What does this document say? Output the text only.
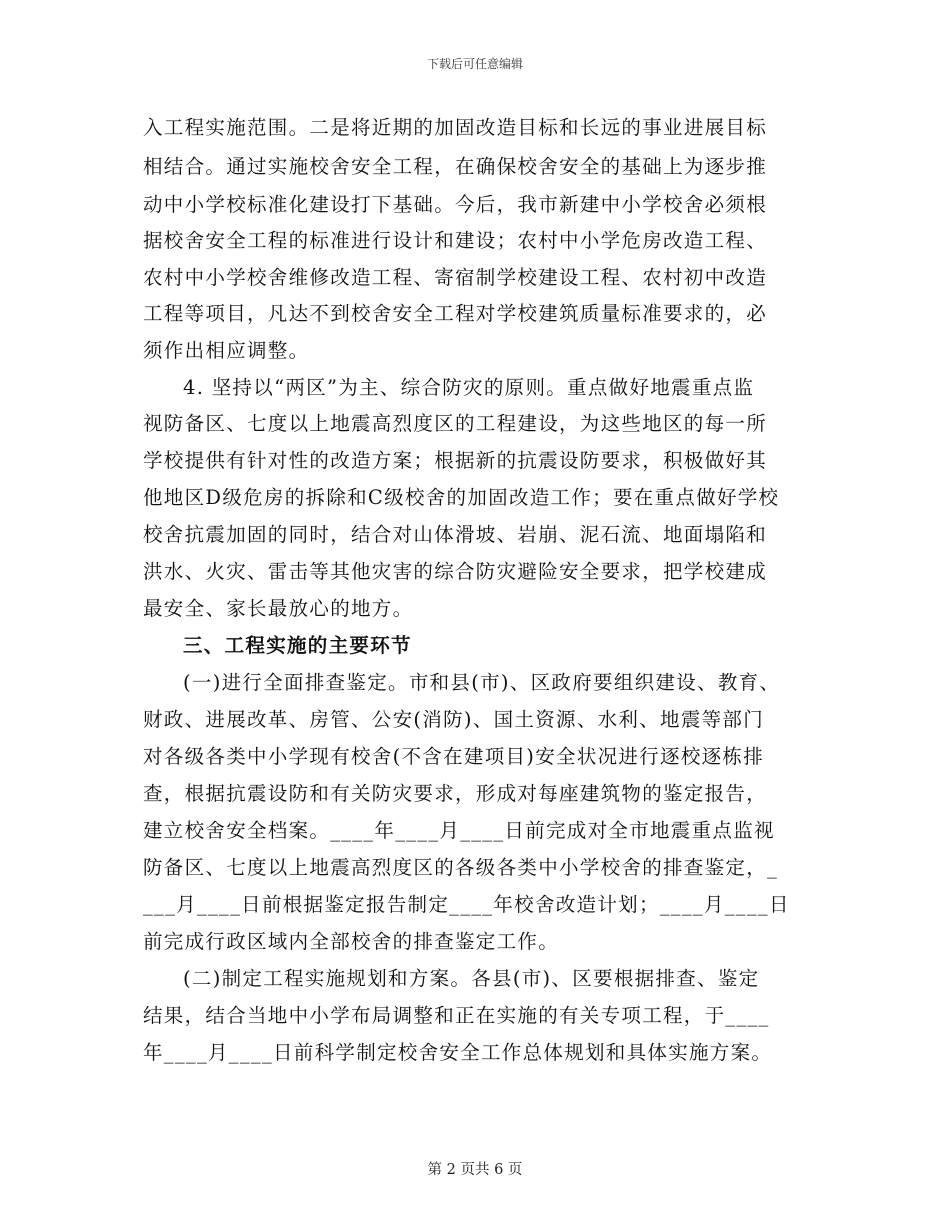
下载后可任意编辑
入工程实施范围。二是将近期的加固改造目标和长远的事业进展目标
相结合。通过实施校舍安全工程，在确保校舍安全的基础上为逐步推
动中小学校标准化建设打下基础。今后，我市新建中小学校舍必须根
据校舍安全工程的标准进行设计和建设；农村中小学危房改造工程、
农村中小学校舍维修改造工程、寄宿制学校建设工程、农村初中改造
工程等项目，凡达不到校舍安全工程对学校建筑质量标准要求的，必
须作出相应调整。
4. 坚持以“两区”为主、综合防灾的原则。重点做好地震重点监
视防备区、七度以上地震高烈度区的工程建设，为这些地区的每一所
学校提供有针对性的改造方案；根据新的抗震设防要求，积极做好其
他地区D级危房的拆除和C级校舍的加固改造工作；要在重点做好学校
校舍抗震加固的同时，结合对山体滑坡、岩崩、泥石流、地面塌陷和
洪水、火灾、雷击等其他灾害的综合防灾避险安全要求，把学校建成
最安全、家长最放心的地方。
三、工程实施的主要环节
(一)进行全面排查鉴定。市和县(市)、区政府要组织建设、教育、
财政、进展改革、房管、公安(消防)、国土资源、水利、地震等部门
对各级各类中小学现有校舍(不含在建项目)安全状况进行逐校逐栋排
查，根据抗震设防和有关防灾要求，形成对每座建筑物的鉴定报告，
建立校舍安全档案。____年____月____日前完成对全市地震重点监视
防备区、七度以上地震高烈度区的各级各类中小学校舍的排查鉴定，_
___月____日前根据鉴定报告制定____年校舍改造计划；____月____日
前完成行政区域内全部校舍的排查鉴定工作。
(二)制定工程实施规划和方案。各县(市)、区要根据排查、鉴定
结果，结合当地中小学布局调整和正在实施的有关专项工程，于____
年____月____日前科学制定校舍安全工作总体规划和具体实施方案。
第 2 页共 6 页
